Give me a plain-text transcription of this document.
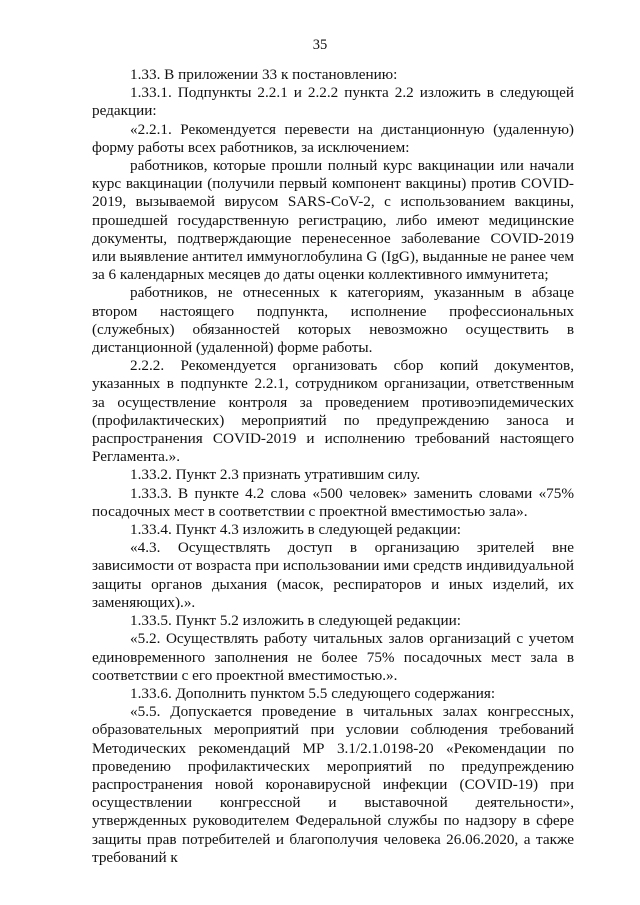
35

1.33. В приложении 33 к постановлению:

1.33.1. Подпункты 2.2.1 и 2.2.2 пункта 2.2 изложить в следующей редакции:

«2.2.1. Рекомендуется перевести на дистанционную (удаленную) форму работы всех работников, за исключением:

работников, которые прошли полный курс вакцинации или начали курс вакцинации (получили первый компонент вакцины) против COVID-2019, вызываемой вирусом SARS-CoV-2, с использованием вакцины, прошедшей государственную регистрацию, либо имеют медицинские документы, подтверждающие перенесенное заболевание COVID-2019 или выявление антител иммуноглобулина G (IgG), выданные не ранее чем за 6 календарных месяцев до даты оценки коллективного иммунитета;

работников, не отнесенных к категориям, указанным в абзаце втором настоящего подпункта, исполнение профессиональных (служебных) обязанностей которых невозможно осуществить в дистанционной (удаленной) форме работы.

2.2.2. Рекомендуется организовать сбор копий документов, указанных в подпункте 2.2.1, сотрудником организации, ответственным за осуществление контроля за проведением противоэпидемических (профилактических) мероприятий по предупреждению заноса и распространения COVID-2019 и исполнению требований настоящего Регламента.».

1.33.2. Пункт 2.3 признать утратившим силу.

1.33.3. В пункте 4.2 слова «500 человек» заменить словами «75% посадочных мест в соответствии с проектной вместимостью зала».

1.33.4. Пункт 4.3 изложить в следующей редакции:

«4.3. Осуществлять доступ в организацию зрителей вне зависимости от возраста при использовании ими средств индивидуальной защиты органов дыхания (масок, респираторов и иных изделий, их заменяющих).».

1.33.5. Пункт 5.2 изложить в следующей редакции:

«5.2. Осуществлять работу читальных залов организаций с учетом единовременного заполнения не более 75% посадочных мест зала в соответствии с его проектной вместимостью.».

1.33.6. Дополнить пунктом 5.5 следующего содержания:

«5.5. Допускается проведение в читальных залах конгрессных, образовательных мероприятий при условии соблюдения требований Методических рекомендаций МР 3.1/2.1.0198-20 «Рекомендации по проведению профилактических мероприятий по предупреждению распространения новой коронавирусной инфекции (COVID-19) при осуществлении конгрессной и выставочной деятельности», утвержденных руководителем Федеральной службы по надзору в сфере защиты прав потребителей и благополучия человека 26.06.2020, а также требований к
